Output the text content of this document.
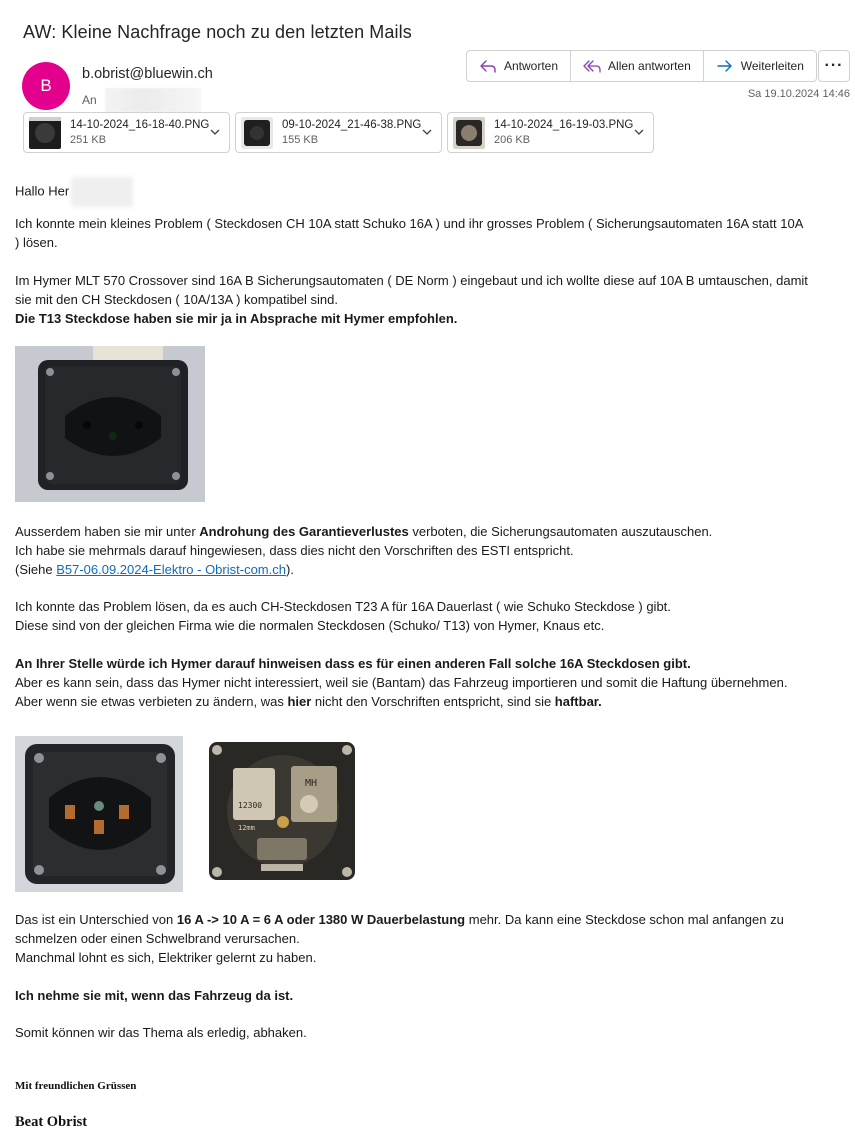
AW: Kleine Nachfrage noch zu den letzten Mails
B
b.obrist@bluewin.ch
An
Antworten	Allen antworten	Weiterleiten	···
Sa 19.10.2024 14:46
14-10-2024_16-18-40.PNG
251 KB
09-10-2024_21-46-38.PNG
155 KB
14-10-2024_16-19-03.PNG
206 KB
Hallo Her
Ich konnte mein kleines Problem ( Steckdosen CH 10A statt Schuko 16A ) und ihr grosses Problem ( Sicherungsautomaten 16A statt 10A
) lösen.
Im Hymer MLT 570 Crossover sind 16A B Sicherungsautomaten ( DE Norm ) eingebaut und ich wollte diese auf 10A B umtauschen, damit
sie mit den CH Steckdosen ( 10A/13A ) kompatibel sind.
Die T13 Steckdose haben sie mir ja in Absprache mit Hymer empfohlen.
Ausserdem haben sie mir unter Androhung des Garantieverlustes verboten, die Sicherungsautomaten auszutauschen.
Ich habe sie mehrmals darauf hingewiesen, dass dies nicht den Vorschriften des ESTI entspricht.
(Siehe B57-06.09.2024-Elektro - Obrist-com.ch).
Ich konnte das Problem lösen, da es auch CH-Steckdosen T23 A für 16A Dauerlast ( wie Schuko Steckdose ) gibt.
Diese sind von der gleichen Firma wie die normalen Steckdosen (Schuko/ T13) von Hymer, Knaus etc.
An Ihrer Stelle würde ich Hymer darauf hinweisen dass es für einen anderen Fall solche 16A Steckdosen gibt.
Aber es kann sein, dass das Hymer nicht interessiert, weil sie (Bantam) das Fahrzeug importieren und somit die Haftung übernehmen.
Aber wenn sie etwas verbieten zu ändern, was hier nicht den Vorschriften entspricht, sind sie haftbar.
MH
12300
12mm
Das ist ein Unterschied von 16 A -> 10 A = 6 A oder 1380 W Dauerbelastung mehr. Da kann eine Steckdose schon mal anfangen zu
schmelzen oder einen Schwelbrand verursachen.
Manchmal lohnt es sich, Elektriker gelernt zu haben.
Ich nehme sie mit, wenn das Fahrzeug da ist.
Somit können wir das Thema als erledig, abhaken.
Mit freundlichen Grüssen
Beat Obrist
